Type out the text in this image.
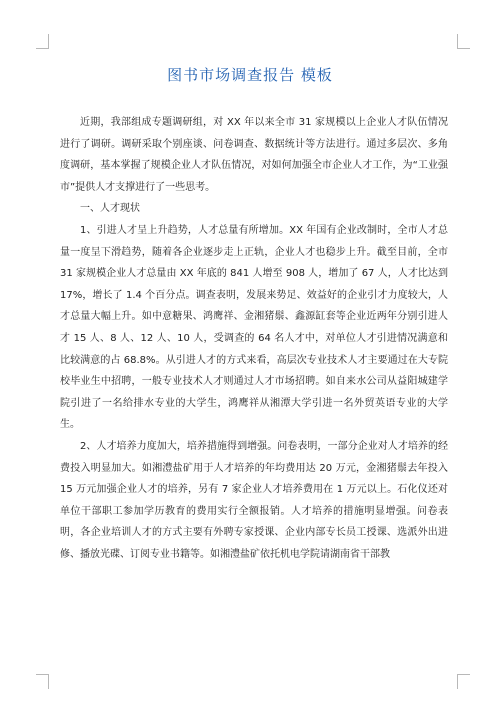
图书市场调查报告 模板

近期，我部组成专题调研组，对 XX 年以来全市 31 家规模以上企业人才队伍情况进行了调研。调研采取个别座谈、问卷调查、数据统计等方法进行。通过多层次、多角度调研，基本掌握了规模企业人才队伍情况，对如何加强全市企业人才工作，为“工业强市”提供人才支撑进行了一些思考。

一、人才现状

1、引进人才呈上升趋势，人才总量有所增加。XX 年国有企业改制时，全市人才总量一度呈下滑趋势，随着各企业逐步走上正轨，企业人才也稳步上升。截至目前，全市 31 家规模企业人才总量由 XX 年底的 841 人增至 908 人，增加了 67 人，人才比达到 17%，增长了 1.4 个百分点。调查表明，发展来势足、效益好的企业引才力度较大，人才总量大幅上升。如中意糖果、鸿鹰祥、金湘猪鬃、鑫源缸套等企业近两年分别引进人才 15 人、8 人、12 人、10 人，受调查的 64 名人才中，对单位人才引进情况满意和比较满意的占 68.8%。从引进人才的方式来看，高层次专业技术人才主要通过在大专院校毕业生中招聘，一般专业技术人才则通过人才市场招聘。如自来水公司从益阳城建学院引进了一名给排水专业的大学生，鸿鹰祥从湘潭大学引进一名外贸英语专业的大学生。

2、人才培养力度加大，培养措施得到增强。问卷表明，一部分企业对人才培养的经费投入明显加大。如湘澧盐矿用于人才培养的年均费用达 20 万元，金湘猪鬃去年投入 15 万元加强企业人才的培养，另有 7 家企业人才培养费用在 1 万元以上。石化仪还对单位干部职工参加学历教育的费用实行全额报销。人才培养的措施明显增强。问卷表明，各企业培训人才的方式主要有外聘专家授课、企业内部专长员工授课、选派外出进修、播放光碟、订阅专业书籍等。如湘澧盐矿依托机电学院请湖南省干部教
